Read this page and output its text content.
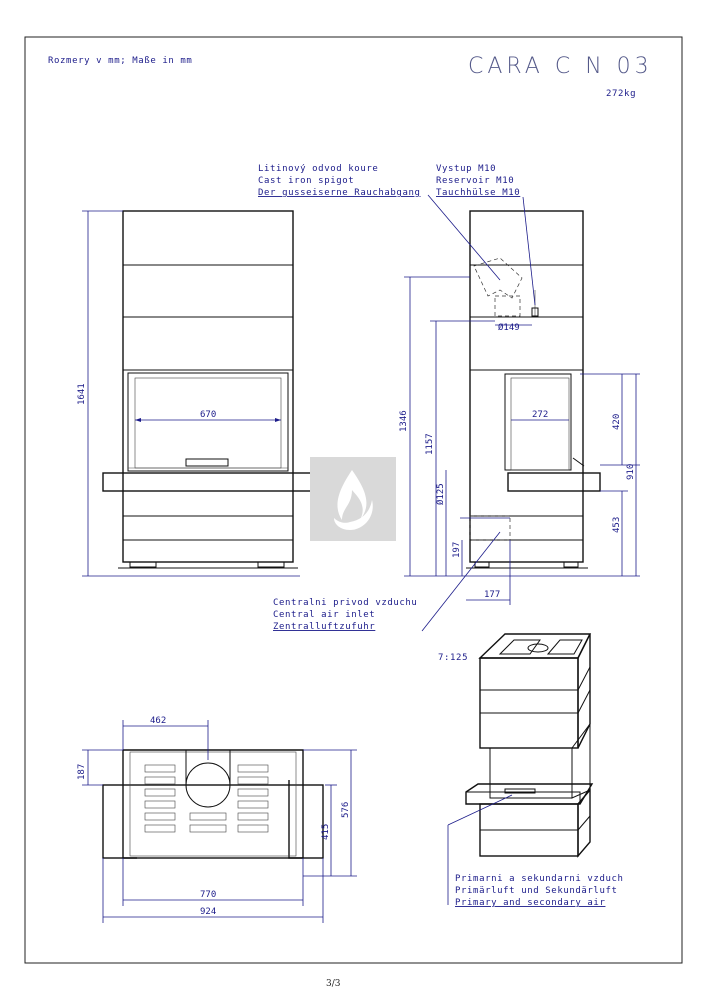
Rozmery v mm; Maße in mm	CARA C N 03
272kg
1641
670	1346
1157
Ø149
272	420
910
453
Ø125
197
177
Litinový odvod koure
Cast iron spigot
Der gusseiserne Rauchabgang
Vystup M10
Reservoir M10
Tauchhülse M10
Centralni privod vzduchu
Central air inlet
Zentralluftzufuhr
462
187
415
576
770
924
7:125
Primarni a sekundarni vzduch
Primärluft und Sekundärluft
Primary and secondary air
3/3
